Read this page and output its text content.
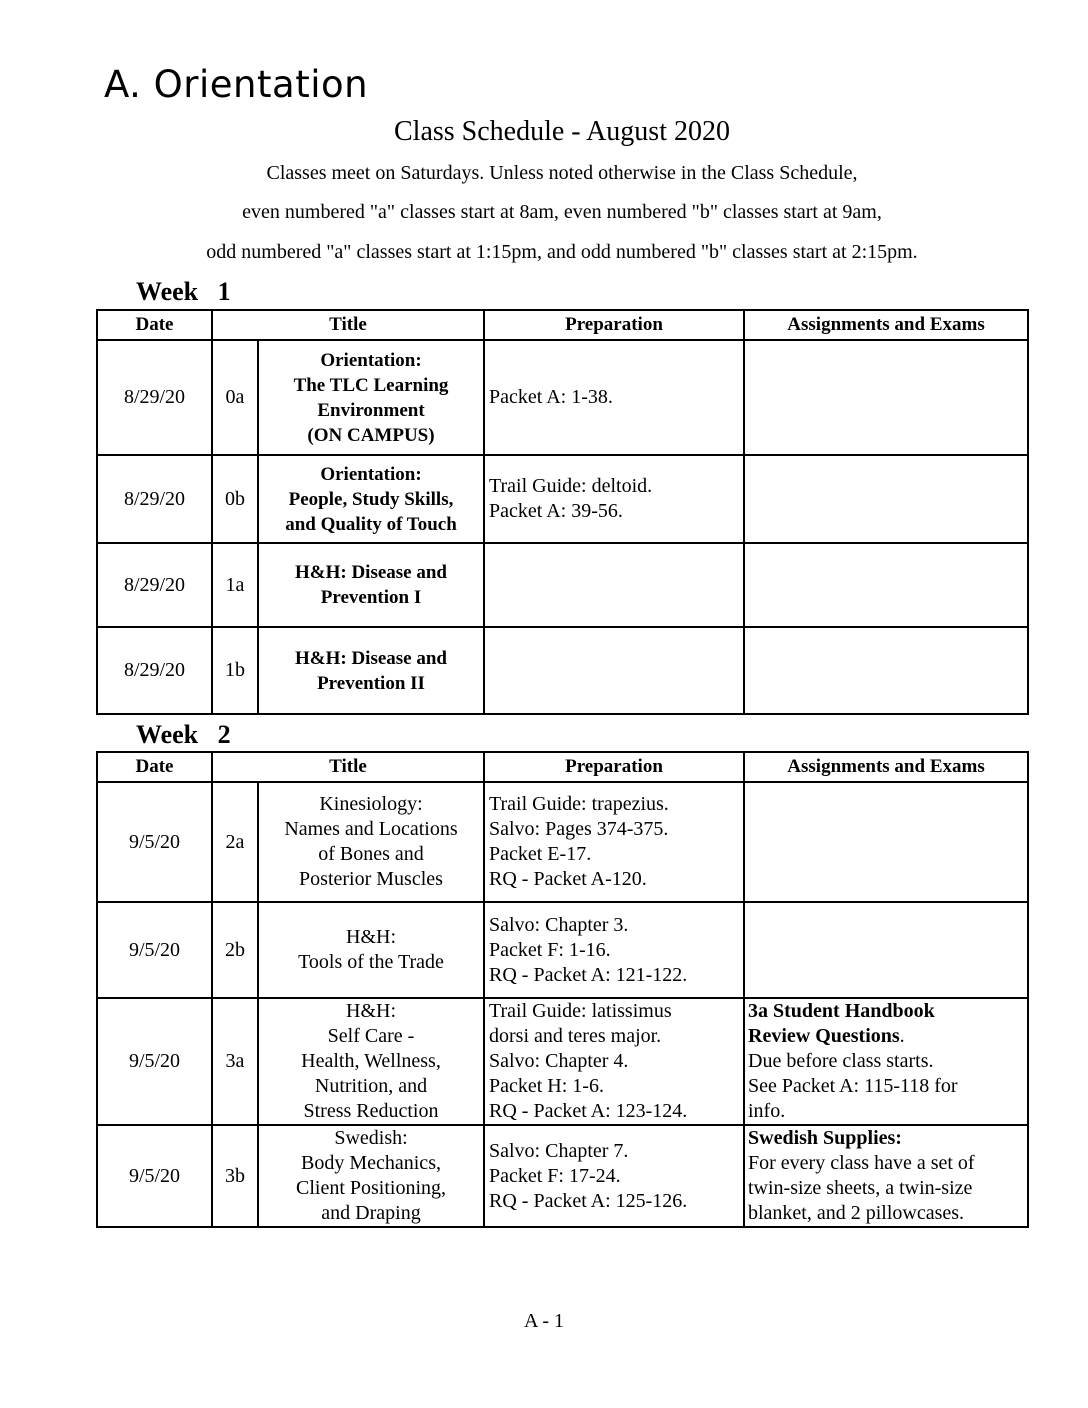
A. Orientation
Class Schedule - August 2020
Classes meet on Saturdays. Unless noted otherwise in the Class Schedule,
even numbered "a" classes start at 8am, even numbered "b" classes start at 9am,
odd numbered "a" classes start at 1:15pm, and odd numbered "b" classes start at 2:15pm.
Week   1
Date	Title		Preparation	Assignments and Exams
8/29/20	0a	Orientation:
The TLC Learning
Environment
(ON CAMPUS)	Packet A: 1-38.	

8/29/20	0b	Orientation:
People, Study Skills,
and Quality of Touch	Trail Guide: deltoid.
Packet A: 39-56.	

8/29/20	1a	H&H: Disease and
Prevention I		

8/29/20	1b	H&H: Disease and
Prevention II		

Week   2
Date	Title		Preparation	Assignments and Exams
9/5/20	2a	Kinesiology:
Names and Locations
of Bones and
Posterior Muscles	Trail Guide: trapezius.
Salvo: Pages 374-375.
Packet E-17.
RQ - Packet A-120.	

9/5/20	2b	H&H:
Tools of the Trade	Salvo: Chapter 3.
Packet F: 1-16.
RQ - Packet A: 121-122.	

9/5/20	3a	H&H:
Self Care -
Health, Wellness,
Nutrition, and
Stress Reduction	Trail Guide: latissimus
dorsi and teres major.
Salvo: Chapter 4.
Packet H: 1-6.
RQ - Packet A: 123-124.	3a Student Handbook
Review Questions.
Due before class starts.
See Packet A: 115-118 for
info.

9/5/20	3b	Swedish:
Body Mechanics,
Client Positioning,
and Draping	Salvo: Chapter 7.
Packet F: 17-24.
RQ - Packet A: 125-126.	Swedish Supplies:
For every class have a set of
twin-size sheets, a twin-size
blanket, and 2 pillowcases.
A - 1
